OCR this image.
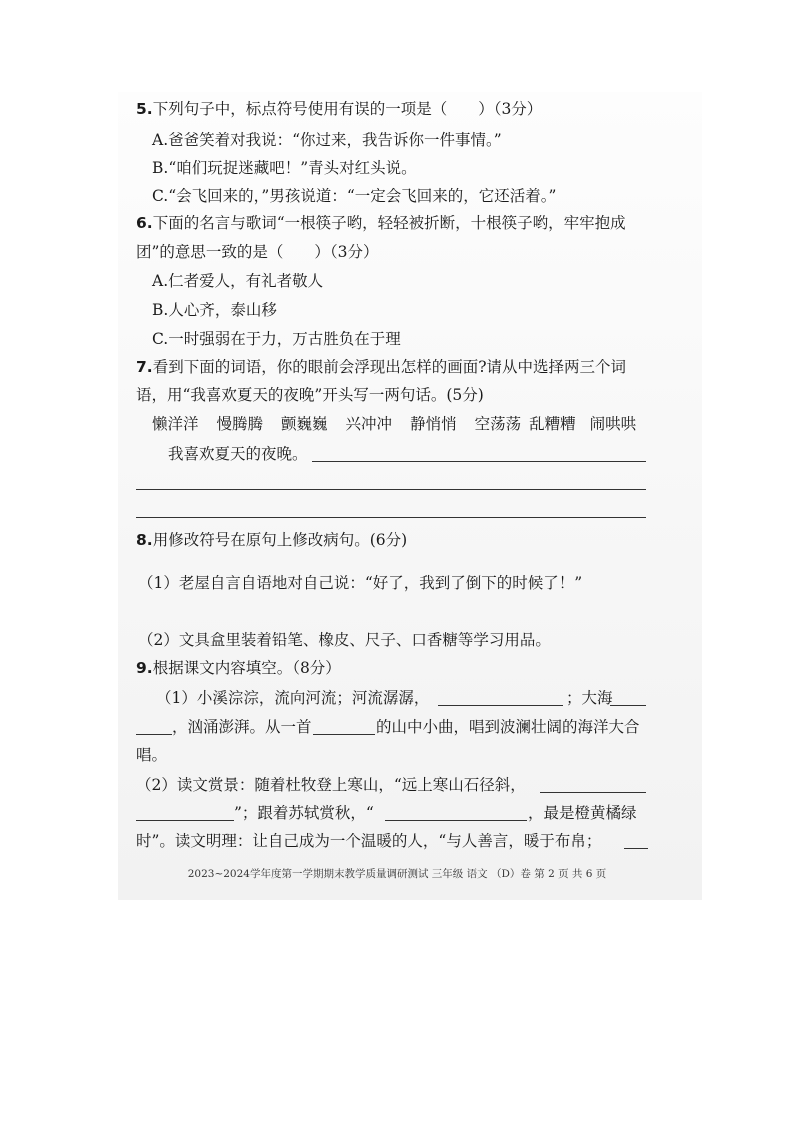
5.下列句子中，标点符号使用有误的一项是（　　）（3分）
A.爸爸笑着对我说：“你过来，我告诉你一件事情。”
B.“咱们玩捉迷藏吧！”青头对红头说。
C.“会飞回来的，”男孩说道：“一定会飞回来的，它还活着。”
6.下面的名言与歌词“一根筷子哟，轻轻被折断，十根筷子哟，牢牢抱成
团”的意思一致的是（　　）（3分）
A.仁者爱人，有礼者敬人
B.人心齐，泰山移
C.一时强弱在于力，万古胜负在于理
7.看到下面的词语，你的眼前会浮现出怎样的画面?请从中选择两三个词
语，用“我喜欢夏天的夜晚”开头写一两句话。(5分)
懒洋洋 慢腾腾 颤巍巍 兴冲冲 静悄悄 空荡荡 乱糟糟 闹哄哄
我喜欢夏天的夜晚。
8.用修改符号在原句上修改病句。(6分)
（1）老屋自言自语地对自己说：“好了，我到了倒下的时候了！”
（2）文具盒里装着铅笔、橡皮、尺子、口香糖等学习用品。
9.根据课文内容填空。（8分）
（1）小溪淙淙，流向河流；河流潺潺，	；大海
，汹涌澎湃。从一首	的山中小曲，唱到波澜壮阔的海洋大合
唱。
（2）读文赏景：随着杜牧登上寒山，“远上寒山石径斜，
”；跟着苏轼赏秋，“	，最是橙黄橘绿
时”。读文明理：让自己成为一个温暖的人，“与人善言，暖于布帛；
2023~2024学年度第一学期期末教学质量调研测试 三年级 语文 （D）卷 第 2 页 共 6 页
